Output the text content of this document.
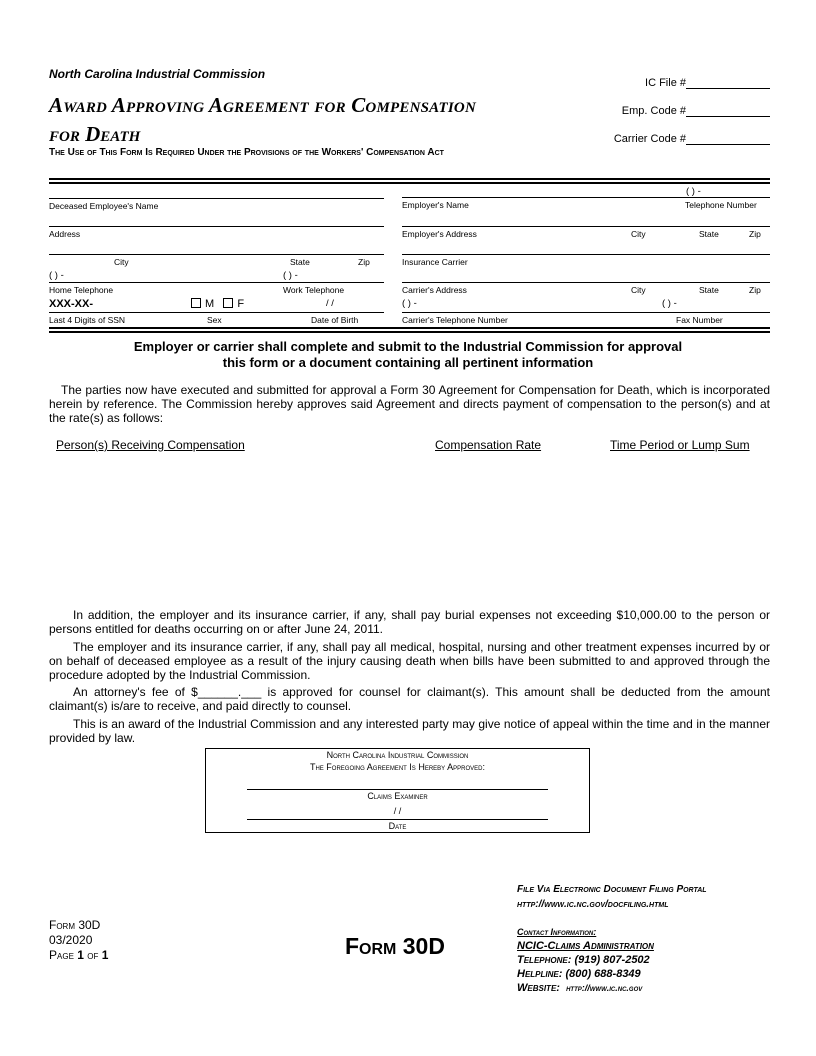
North Carolina Industrial Commission
Award Approving Agreement for Compensation
for Death
The Use of This Form Is Required Under the Provisions of the Workers' Compensation Act
IC File #
Emp. Code #
Carrier Code #
Deceased Employee's Name
Address
City	State	Zip
( ) -	( ) -
Home Telephone	Work Telephone
XXX-XX-	M F	/ /
Last 4 Digits of SSN	Sex	Date of Birth
( ) -
Employer's Name	Telephone Number
Employer's Address	City	State	Zip
Insurance Carrier
Carrier's Address	City	State	Zip
( ) -	( ) -
Carrier's Telephone Number	Fax Number
Employer or carrier shall complete and submit to the Industrial Commission for approval
this form or a document containing all pertinent information
The parties now have executed and submitted for approval a Form 30 Agreement for Compensation for Death, which is incorporated herein by reference. The Commission hereby approves said Agreement and directs payment of compensation to the person(s) and at the rate(s) as follows:
Person(s) Receiving Compensation	Compensation Rate	Time Period or Lump Sum
In addition, the employer and its insurance carrier, if any, shall pay burial expenses not exceeding $10,000.00 to the person or persons entitled for deaths occurring on or after June 24, 2011.
The employer and its insurance carrier, if any, shall pay all medical, hospital, nursing and other treatment expenses incurred by or on behalf of deceased employee as a result of the injury causing death when bills have been submitted to and approved through the procedure adopted by the Industrial Commission.
An attorney's fee of $______.___ is approved for counsel for claimant(s). This amount shall be deducted from the amount claimant(s) is/are to receive, and paid directly to counsel.
This is an award of the Industrial Commission and any interested party may give notice of appeal within the time and in the manner provided by law.
North Carolina Industrial Commission
The Foregoing Agreement Is Hereby Approved:
Claims Examiner
/ /
Date
Form 30D
03/2020
Page 1 of 1	Form 30D
File Via Electronic Document Filing Portal
http://www.ic.nc.gov/docfiling.html
Contact Information:
NCIC-Claims Administration
Telephone: (919) 807-2502
Helpline: (800) 688-8349
Website: http://www.ic.nc.gov
